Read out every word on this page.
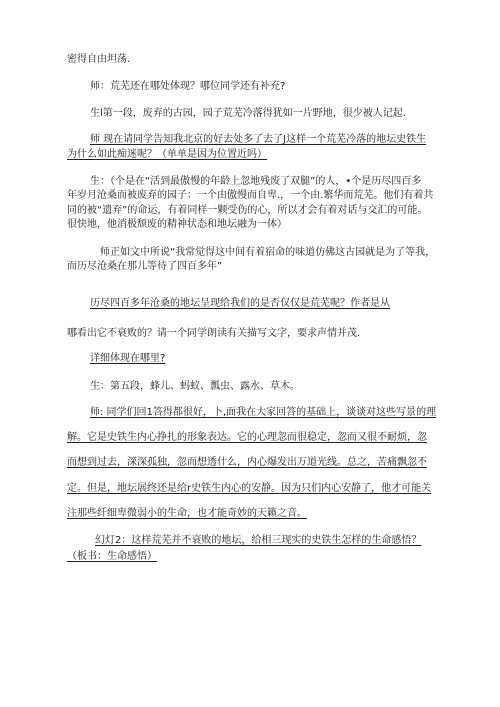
密得自由坦荡.
师：荒芜还在哪处体现？哪位同学还有补充?
生l第一段，废弃的古园，园子荒芜冷落得犹如一片野地，很少被人记起.
师 现在请同学告知我北京的好去处多了去了J这样一个荒芜冷落的地坛史铁生
为什么如此痴迷呢？（单单是因为位置近吗）
生：（个是在“活到最傲慢的年龄上忽地残废了双腿”的人，•个是历尽四百多
年岁月沧桑而被废弃的园子：一个由傲慢而自卑.，一个由.繁华而荒芜。他们有着共
同的被“遗弃”的命运，有着同样一颗受伤的心，所以才会有着对话与交汇的可能。
很快地，他消极颓废的精神状态和地坛融为一体）
师正如文中所说“我常觉得这中间有着宿命的味道仿佛这古园就是为了等我，
而历尽沧桑在那儿等待了四百多年”
历尽四百多年沧桑的地坛呈现给我们的是否仅仅是荒芜呢？作者是从
哪看出它不衰败的？请一个同学朗读有关描写文字，要求声情并茂.
详细体现在哪里?
生：第五段，蜂儿、蚂蚁、瓢虫、露水、草木。
师: 同学们回1答得都很好，卜,面我在大家回答的基础上，谈谈对这些写景的理
解。它是史铁生内心挣扎的形象表达。它的心理忽而很稳定，忽而又很不耐烦，忽
而想到过去，深深孤独，忽而想透什么，内心爆发出万道光线。总之，苦痛飘忽不
定。但是，地坛展终还是给r史铁生内心的安静。因为只们内心安静了，他才可能关
注那些纤细卑微弱小的生命，也才能奇妙的天籁之音。
幻灯2：这样荒芜并不衰败的地坛，给相三现实的史铁生怎样的生命感悟？
（板书：生命感悟）
